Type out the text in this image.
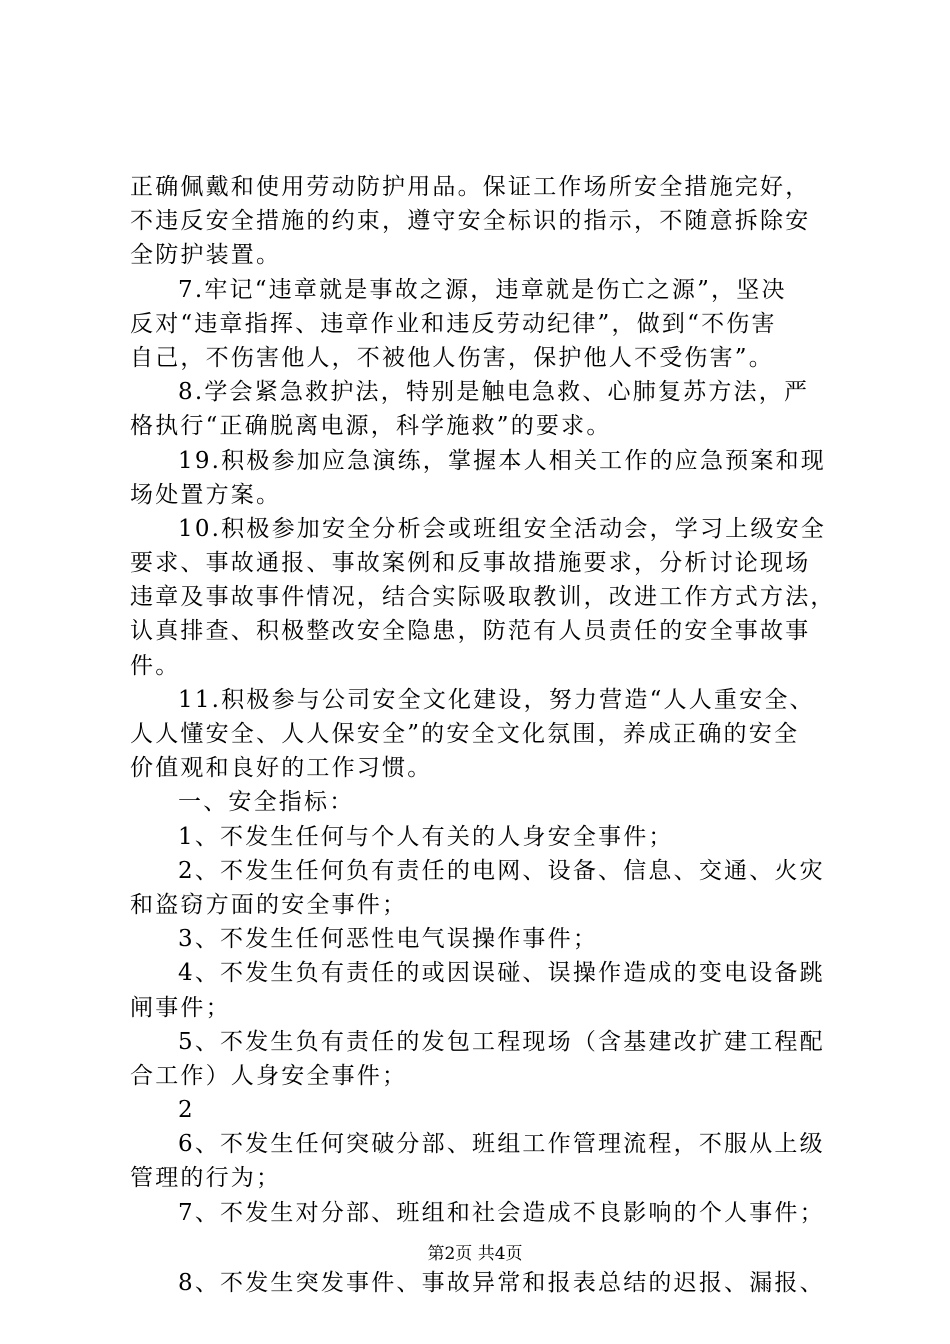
正确佩戴和使用劳动防护用品。保证工作场所安全措施完好，
不违反安全措施的约束，遵守安全标识的指示，不随意拆除安
全防护装置。
7.牢记“违章就是事故之源，违章就是伤亡之源”，坚决
反对“违章指挥、违章作业和违反劳动纪律”，做到“不伤害
自己，不伤害他人，不被他人伤害，保护他人不受伤害”。
8.学会紧急救护法，特别是触电急救、心肺复苏方法，严
格执行“正确脱离电源，科学施救”的要求。
19.积极参加应急演练，掌握本人相关工作的应急预案和现
场处置方案。
10.积极参加安全分析会或班组安全活动会，学习上级安全
要求、事故通报、事故案例和反事故措施要求，分析讨论现场
违章及事故事件情况，结合实际吸取教训，改进工作方式方法，
认真排查、积极整改安全隐患，防范有人员责任的安全事故事
件。
11.积极参与公司安全文化建设，努力营造“人人重安全、
人人懂安全、人人保安全”的安全文化氛围，养成正确的安全
价值观和良好的工作习惯。
一、安全指标：
1、不发生任何与个人有关的人身安全事件；
2、不发生任何负有责任的电网、设备、信息、交通、火灾
和盗窃方面的安全事件；
3、不发生任何恶性电气误操作事件；
4、不发生负有责任的或因误碰、误操作造成的变电设备跳
闸事件；
5、不发生负有责任的发包工程现场（含基建改扩建工程配
合工作）人身安全事件；
2
6、不发生任何突破分部、班组工作管理流程，不服从上级
管理的行为；
7、不发生对分部、班组和社会造成不良影响的个人事件；
8、不发生突发事件、事故异常和报表总结的迟报、漏报、
第2页 共4页
